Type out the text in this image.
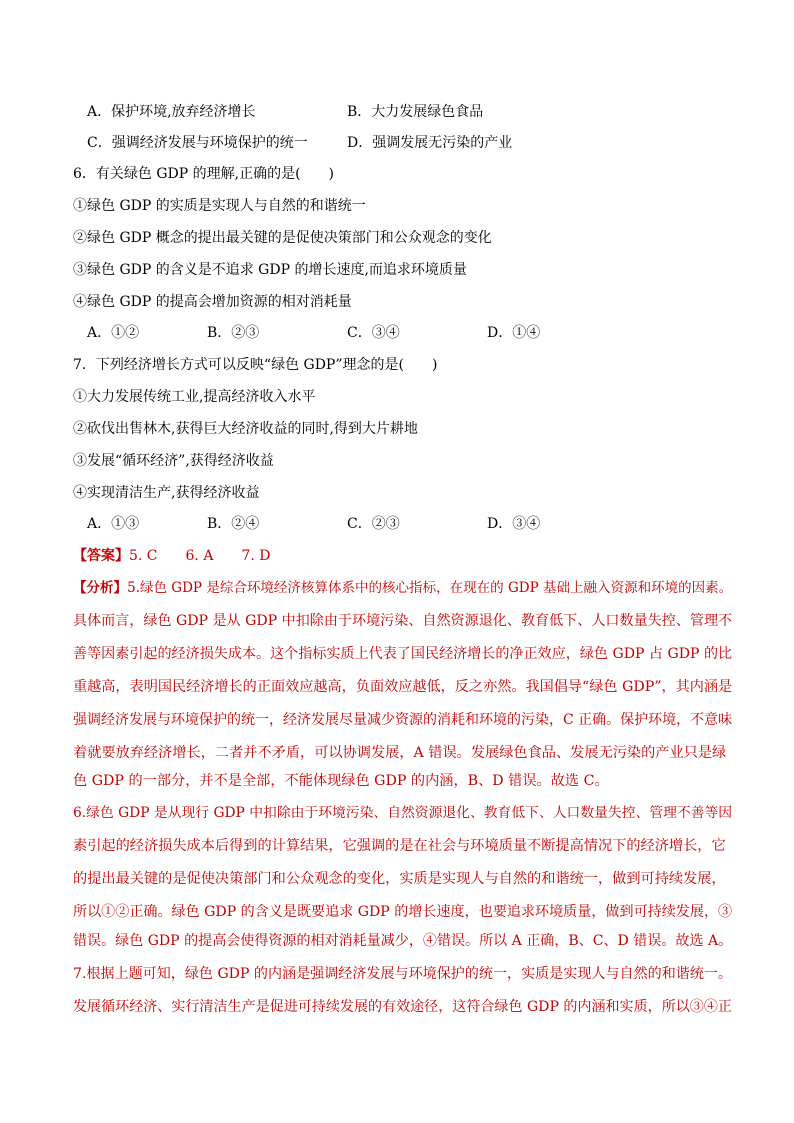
A．保护环境,放弃经济增长	B．大力发展绿色食品
C．强调经济发展与环境保护的统一	D．强调发展无污染的产业
6．有关绿色 GDP 的理解,正确的是(　　)
①绿色 GDP 的实质是实现人与自然的和谐统一
②绿色 GDP 概念的提出最关键的是促使决策部门和公众观念的变化
③绿色 GDP 的含义是不追求 GDP 的增长速度,而追求环境质量
④绿色 GDP 的提高会增加资源的相对消耗量
A．①②	B．②③	C．③④	D．①④
7．下列经济增长方式可以反映“绿色 GDP”理念的是(　　)
①大力发展传统工业,提高经济收入水平
②砍伐出售林木,获得巨大经济收益的同时,得到大片耕地
③发展“循环经济”,获得经济收益
④实现清洁生产,获得经济收益
A．①③	B．②④	C．②③	D．③④
【答案】5. C　　6. A　　7. D
【分析】5.绿色 GDP 是综合环境经济核算体系中的核心指标，在现在的 GDP 基础上融入资源和环境的因素。
具体而言，绿色 GDP 是从 GDP 中扣除由于环境污染、自然资源退化、教育低下、人口数量失控、管理不
善等因素引起的经济损失成本。这个指标实质上代表了国民经济增长的净正效应，绿色 GDP 占 GDP 的比
重越高，表明国民经济增长的正面效应越高，负面效应越低，反之亦然。我国倡导“绿色 GDP”，其内涵是
强调经济发展与环境保护的统一，经济发展尽量减少资源的消耗和环境的污染，C 正确。保护环境，不意味
着就要放弃经济增长，二者并不矛盾，可以协调发展，A 错误。发展绿色食品、发展无污染的产业只是绿
色 GDP 的一部分，并不是全部，不能体现绿色 GDP 的内涵，B、D 错误。故选 C。
6.绿色 GDP 是从现行 GDP 中扣除由于环境污染、自然资源退化、教育低下、人口数量失控、管理不善等因
素引起的经济损失成本后得到的计算结果，它强调的是在社会与环境质量不断提高情况下的经济增长，它
的提出最关键的是促使决策部门和公众观念的变化，实质是实现人与自然的和谐统一，做到可持续发展，
所以①②正确。绿色 GDP 的含义是既要追求 GDP 的增长速度，也要追求环境质量，做到可持续发展，③
错误。绿色 GDP 的提高会使得资源的相对消耗量减少，④错误。所以 A 正确，B、C、D 错误。故选 A。
7.根据上题可知，绿色 GDP 的内涵是强调经济发展与环境保护的统一，实质是实现人与自然的和谐统一。
发展循环经济、实行清洁生产是促进可持续发展的有效途径，这符合绿色 GDP 的内涵和实质，所以③④正
